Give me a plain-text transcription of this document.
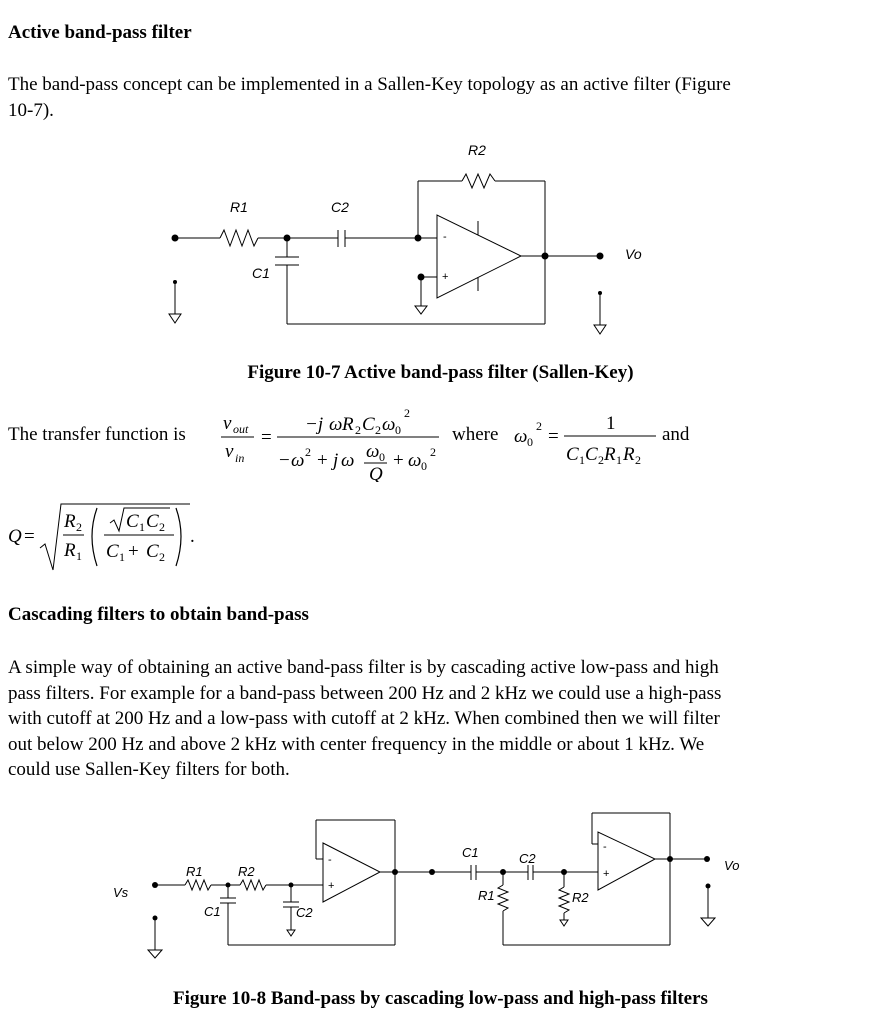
Active band-pass filter
The band-pass concept can be implemented in a Sallen-Key topology as an active filter (Figure
10-7).
R1	C2
C1
R2
Vo
-
+
Figure 10-7 Active band-pass filter (Sallen-Key)
The transfer function is
v out
v in
=
−j ω R 2 C 2 ω 0
2
− ω 2 + j ω ω 0
Q
+ ω 0
2
where ω 0
2 =
1
C 1 C 2 R 1 R 2
and
Q =
R 2
R 1
C 1 C 2
C 1 + C 2
.
Cascading filters to obtain band-pass
A simple way of obtaining an active band-pass filter is by cascading active low-pass and high
pass filters. For example for a band-pass between 200 Hz and 2 kHz we could use a high-pass
with cutoff at 200 Hz and a low-pass with cutoff at 2 kHz. When combined then we will filter
out below 200 Hz and above 2 kHz with center frequency in the middle or about 1 kHz. We
could use Sallen-Key filters for both.
Vs
R1	R2
C1	C2
-
+
C1	C2
R1	R2
-
+
Vo
Figure 10-8 Band-pass by cascading low-pass and high-pass filters
